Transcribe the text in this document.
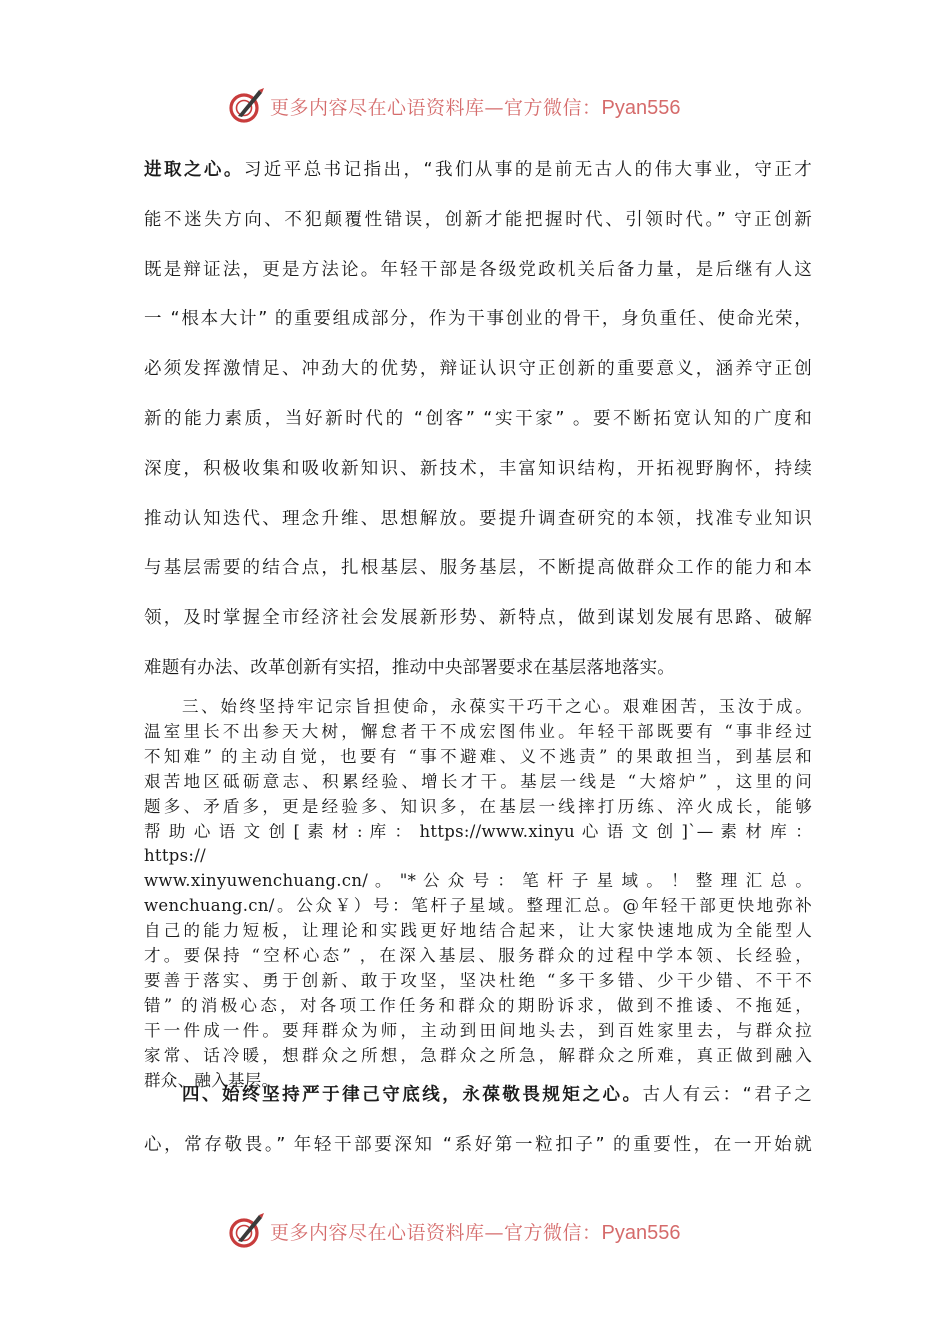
更多内容尽在心语资料库—官方微信：Pyan556
进取之心。习近平总书记指出，“我们从事的是前无古人的伟大事业，守正才
能不迷失方向、不犯颠覆性错误，创新才能把握时代、引领时代。” 守正创新
既是辩证法，更是方法论。年轻干部是各级党政机关后备力量，是后继有人这
一 “根本大计” 的重要组成部分，作为干事创业的骨干，身负重任、使命光荣，
必须发挥激情足、冲劲大的优势，辩证认识守正创新的重要意义，涵养守正创
新的能力素质，当好新时代的 “创客” “实干家” 。要不断拓宽认知的广度和
深度，积极收集和吸收新知识、新技术，丰富知识结构，开拓视野胸怀，持续
推动认知迭代、理念升维、思想解放。要提升调查研究的本领，找准专业知识
与基层需要的结合点，扎根基层、服务基层，不断提高做群众工作的能力和本
领，及时掌握全市经济社会发展新形势、新特点，做到谋划发展有思路、破解
难题有办法、改革创新有实招，推动中央部署要求在基层落地落实。
三、始终坚持牢记宗旨担使命，永葆实干巧干之心。艰难困苦，玉汝于成。
温室里长不出参天大树，懈怠者干不成宏图伟业。年轻干部既要有 “事非经过
不知难” 的主动自觉，也要有 “事不避难、义不逃责” 的果敢担当，到基层和
艰苦地区砥砺意志、积累经验、增长才干。基层一线是 “大熔炉” ，这里的问
题多、矛盾多，更是经验多、知识多，在基层一线摔打历练、淬火成长，能够
帮 助 心 语 文 创 [ 素 材 : 库 ： https://www.xinyu 心 语 文 创 ]`— 素 材 库 ： https://
www.xinyuwenchuang.cn/ 。 "* 公 众 号 ： 笔 杆 子 星 域 。 ！ 整 理 汇 总 。
wenchuang.cn/。公众￥）号：笔杆子星域。整理汇总。@年轻干部更快地弥补
自己的能力短板，让理论和实践更好地结合起来，让大家快速地成为全能型人
才。要保持 “空杯心态” ，在深入基层、服务群众的过程中学本领、长经验，
要善于落实、勇于创新、敢于攻坚，坚决杜绝 “多干多错、少干少错、不干不
错” 的消极心态，对各项工作任务和群众的期盼诉求，做到不推诿、不拖延，
干一件成一件。要拜群众为师，主动到田间地头去，到百姓家里去，与群众拉
家常、话冷暖，想群众之所想，急群众之所急，解群众之所难，真正做到融入
群众、融入基层。
四、始终坚持严于律己守底线，永葆敬畏规矩之心。古人有云：“君子之
心，常存敬畏。” 年轻干部要深知 “系好第一粒扣子” 的重要性，在一开始就
更多内容尽在心语资料库—官方微信：Pyan556
